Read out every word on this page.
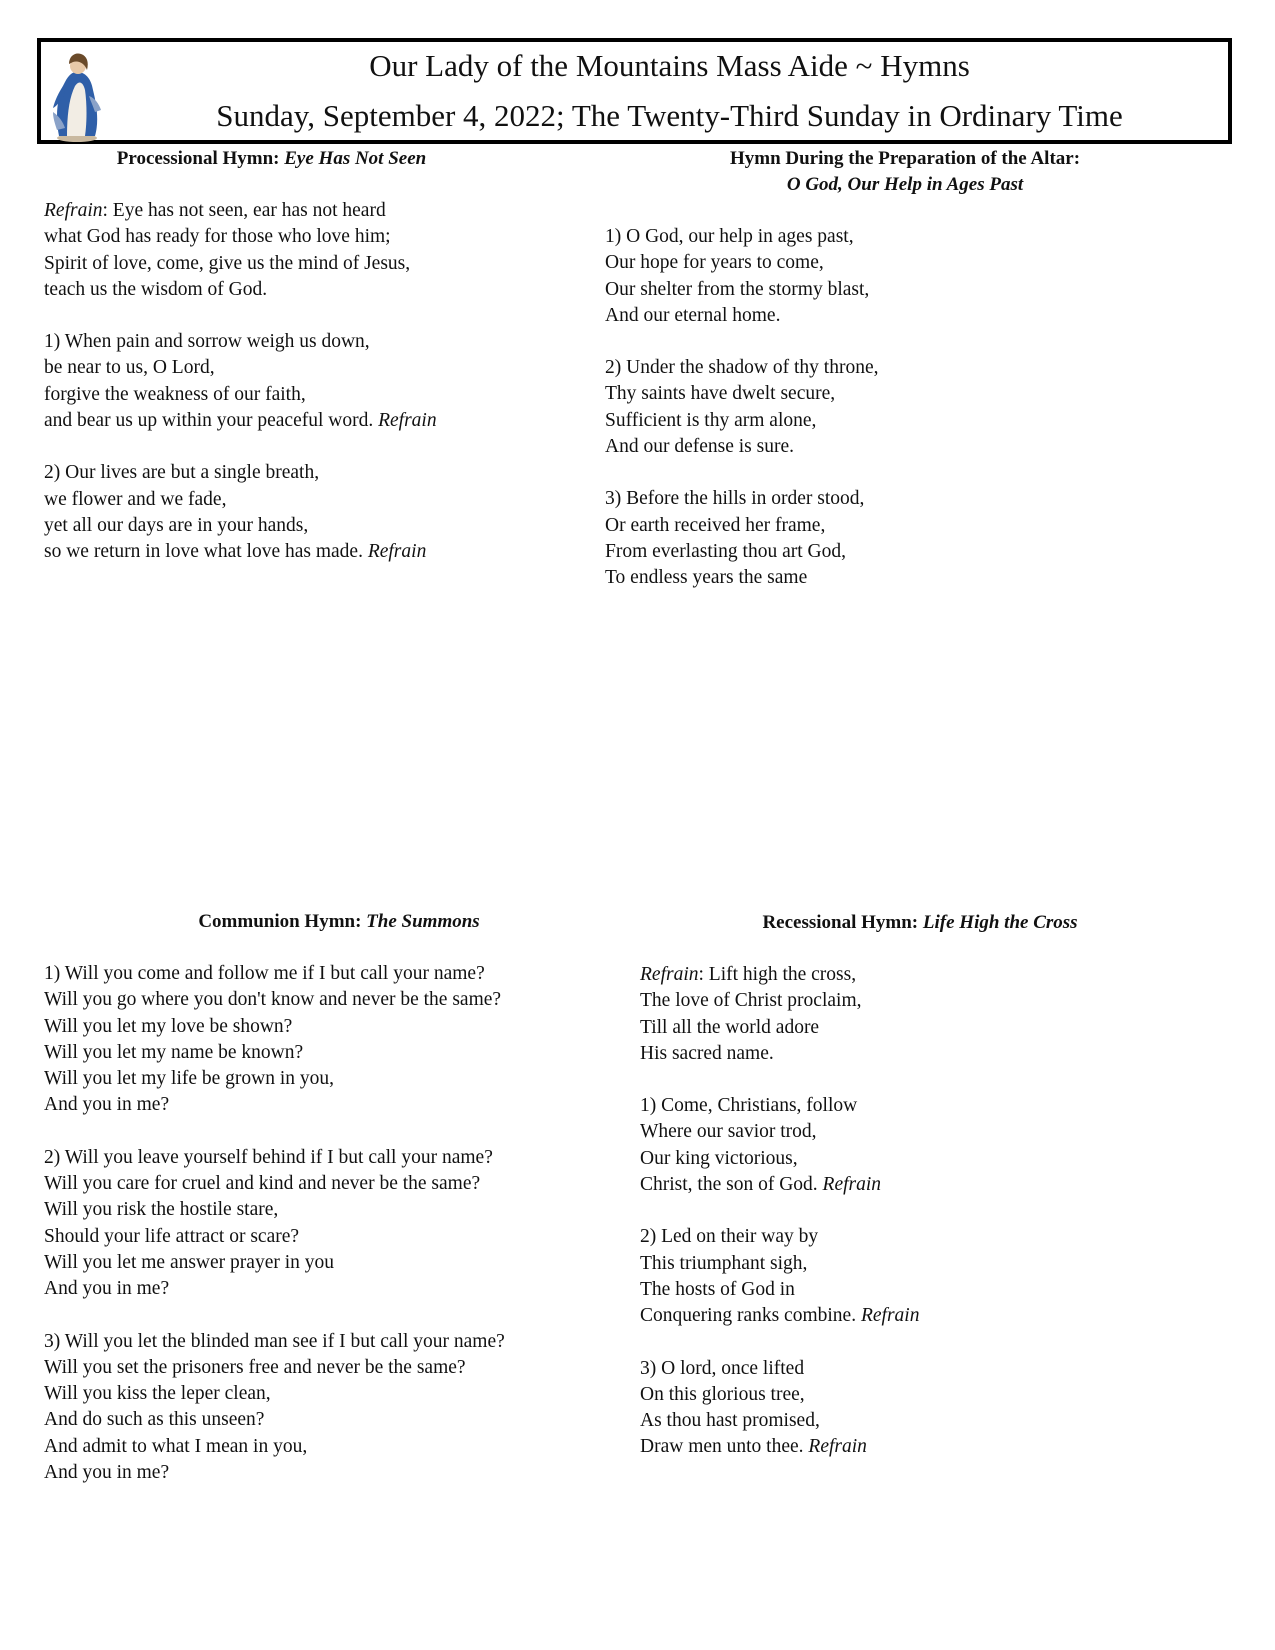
Our Lady of the Mountains Mass Aide ~ Hymns
Sunday, September 4, 2022; The Twenty-Third Sunday in Ordinary Time
Processional Hymn: Eye Has Not Seen

Refrain: Eye has not seen, ear has not heard
what God has ready for those who love him;
Spirit of love, come, give us the mind of Jesus,
teach us the wisdom of God.

1) When pain and sorrow weigh us down,
be near to us, O Lord,
forgive the weakness of our faith,
and bear us up within your peaceful word. Refrain

2) Our lives are but a single breath,
we flower and we fade,
yet all our days are in your hands,
so we return in love what love has made. Refrain

Hymn During the Preparation of the Altar:
O God, Our Help in Ages Past

1) O God, our help in ages past,
Our hope for years to come,
Our shelter from the stormy blast,
And our eternal home.

2) Under the shadow of thy throne,
Thy saints have dwelt secure,
Sufficient is thy arm alone,
And our defense is sure.

3) Before the hills in order stood,
Or earth received her frame,
From everlasting thou art God,
To endless years the same

Communion Hymn: The Summons

1) Will you come and follow me if I but call your name?
Will you go where you don't know and never be the same?
Will you let my love be shown?
Will you let my name be known?
Will you let my life be grown in you,
And you in me?

2) Will you leave yourself behind if I but call your name?
Will you care for cruel and kind and never be the same?
Will you risk the hostile stare,
Should your life attract or scare?
Will you let me answer prayer in you
And you in me?

3) Will you let the blinded man see if I but call your name?
Will you set the prisoners free and never be the same?
Will you kiss the leper clean,
And do such as this unseen?
And admit to what I mean in you,
And you in me?

Recessional Hymn: Life High the Cross

Refrain: Lift high the cross,
The love of Christ proclaim,
Till all the world adore
His sacred name.

1) Come, Christians, follow
Where our savior trod,
Our king victorious,
Christ, the son of God. Refrain

2) Led on their way by
This triumphant sigh,
The hosts of God in
Conquering ranks combine. Refrain

3) O lord, once lifted
On this glorious tree,
As thou hast promised,
Draw men unto thee. Refrain
